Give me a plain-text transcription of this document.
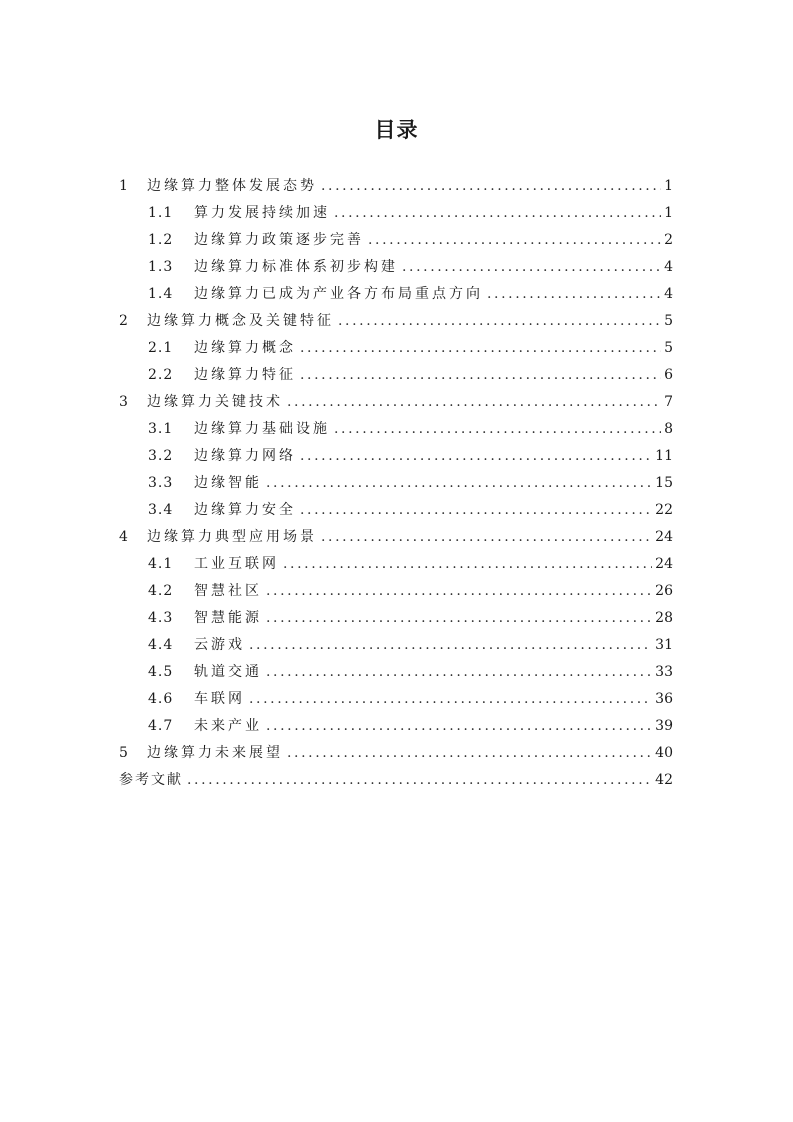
目录
1	边缘算力整体发展态势 .....	1
1.1	算力发展持续加速 .....	1
1.2	边缘算力政策逐步完善 .....	2
1.3	边缘算力标准体系初步构建 .....	4
1.4	边缘算力已成为产业各方布局重点方向 .....	4
2	边缘算力概念及关键特征 .....	5
2.1	边缘算力概念 .....	5
2.2	边缘算力特征 .....	6
3	边缘算力关键技术 .....	7
3.1	边缘算力基础设施 .....	8
3.2	边缘算力网络 .....	11
3.3	边缘智能 .....	15
3.4	边缘算力安全 .....	22
4	边缘算力典型应用场景 .....	24
4.1	工业互联网 .....	24
4.2	智慧社区 .....	26
4.3	智慧能源 .....	28
4.4	云游戏 .....	31
4.5	轨道交通 .....	33
4.6	车联网 .....	36
4.7	未来产业 .....	39
5	边缘算力未来展望 .....	40
参考文献 .....	42
